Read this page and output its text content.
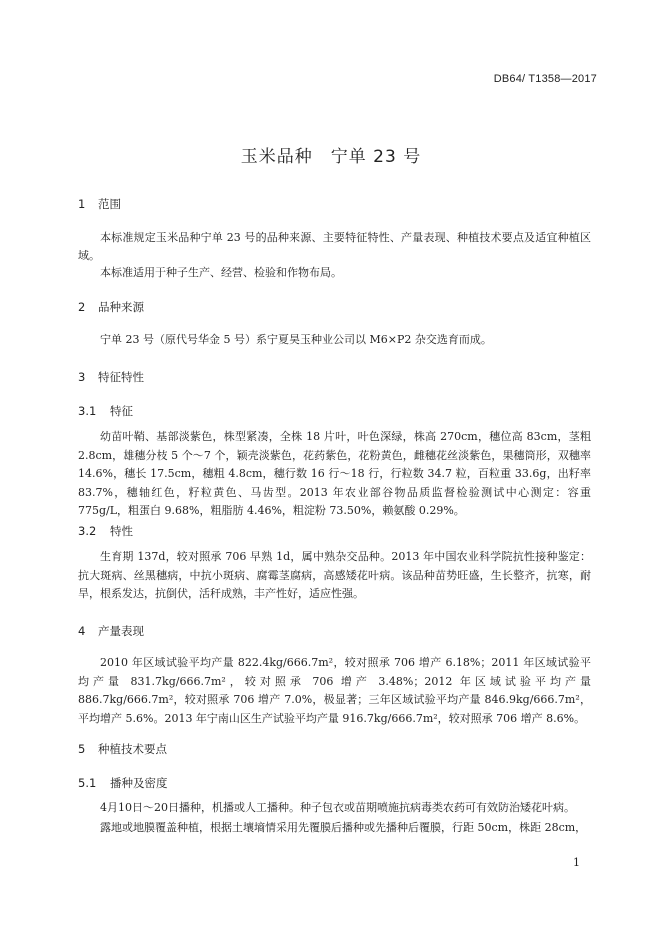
DB64/ T1358—2017
玉米品种　宁单 23 号
1 范围

本标准规定玉米品种宁单 23 号的品种来源、主要特征特性、产量表现、种植技术要点及适宜种植区域。

本标准适用于种子生产、经营、检验和作物布局。

2 品种来源

宁单 23 号（原代号华金 5 号）系宁夏昊玉种业公司以 M6×P2 杂交选育而成。

3 特征特性
3.1 特征

幼苗叶鞘、基部淡紫色，株型紧凑，全株 18 片叶，叶色深绿，株高 270cm，穗位高 83cm，茎粗 2.8cm，雄穗分枝 5 个～7 个，颖壳淡紫色，花药紫色，花粉黄色，雌穗花丝淡紫色，果穗筒形，双穗率 14.6%，穗长 17.5cm，穗粗 4.8cm，穗行数 16 行～18 行，行粒数 34.7 粒，百粒重 33.6g，出籽率 83.7%，穗轴红色，籽粒黄色、马齿型。2013 年农业部谷物品质监督检验测试中心测定：容重 775g/L，粗蛋白 9.68%，粗脂肪 4.46%，粗淀粉 73.50%，赖氨酸 0.29%。

3.2 特性

生育期 137d，较对照承 706 早熟 1d，属中熟杂交品种。2013 年中国农业科学院抗性接种鉴定：抗大斑病、丝黑穗病，中抗小斑病、腐霉茎腐病，高感矮花叶病。该品种苗势旺盛，生长整齐，抗寒，耐旱，根系发达，抗倒伏，活秆成熟，丰产性好，适应性强。

4 产量表现

2010 年区域试验平均产量 822.4kg/666.7m²，较对照承 706 增产 6.18%；2011 年区域试验平均产量 831.7kg/666.7m²，较对照承 706 增产 3.48%；2012 年区域试验平均产量 886.7kg/666.7m²，较对照承 706 增产 7.0%，极显著；三年区域试验平均产量 846.9kg/666.7m²，平均增产 5.6%。2013 年宁南山区生产试验平均产量 916.7kg/666.7m²，较对照承 706 增产 8.6%。

5 种植技术要点
5.1 播种及密度

4月10日～20日播种，机播或人工播种。种子包衣或苗期喷施抗病毒类农药可有效防治矮花叶病。

露地或地膜覆盖种植，根据土壤墒情采用先覆膜后播种或先播种后覆膜，行距 50cm，株距 28cm，

1
